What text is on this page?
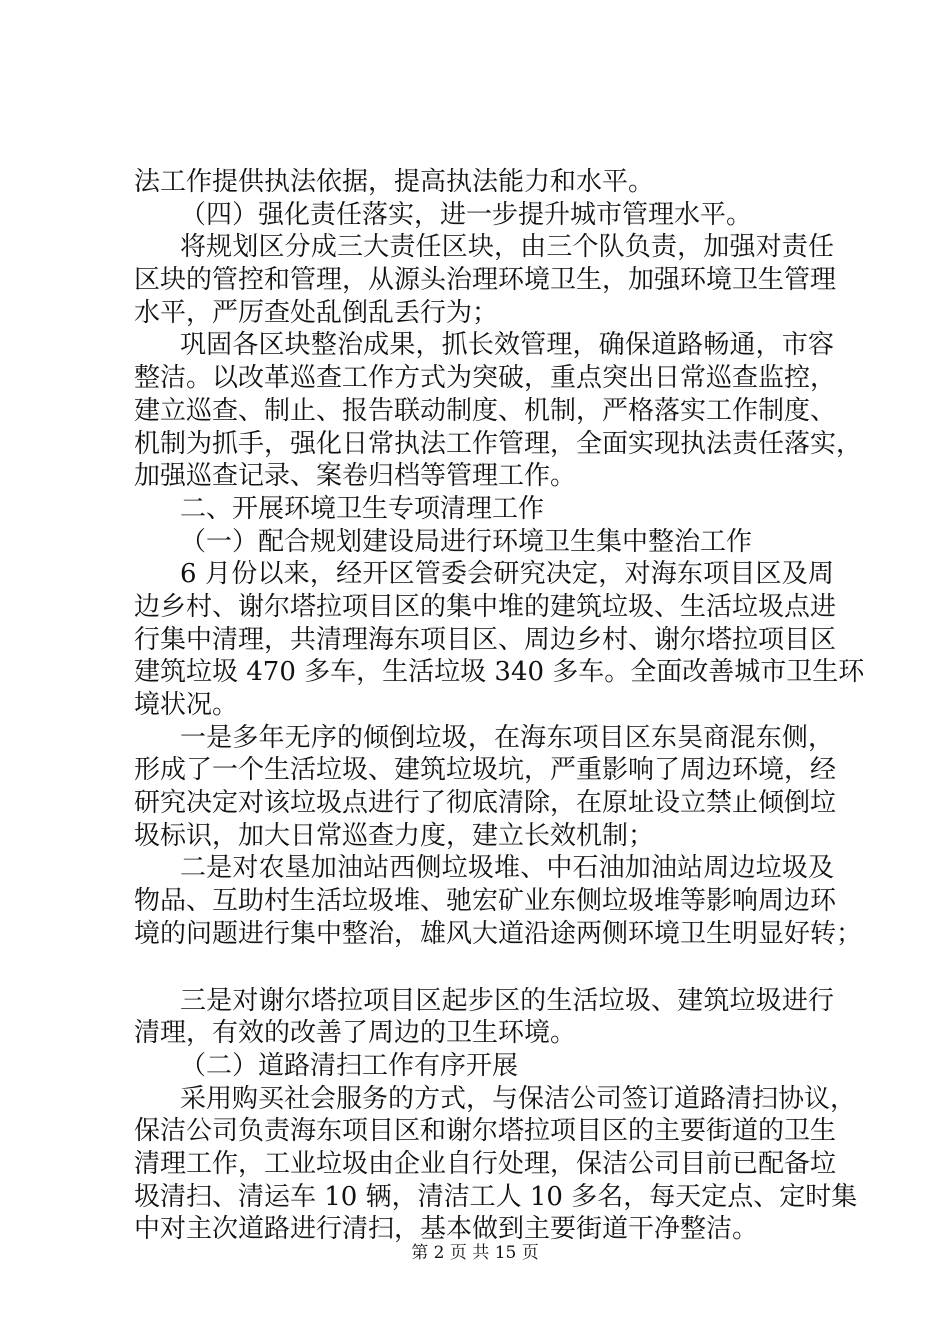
法工作提供执法依据，提高执法能力和水平。
（四）强化责任落实，进一步提升城市管理水平。
将规划区分成三大责任区块，由三个队负责，加强对责任
区块的管控和管理，从源头治理环境卫生，加强环境卫生管理
水平，严厉查处乱倒乱丢行为；
巩固各区块整治成果，抓长效管理，确保道路畅通，市容
整洁。以改革巡查工作方式为突破，重点突出日常巡查监控，
建立巡查、制止、报告联动制度、机制，严格落实工作制度、
机制为抓手，强化日常执法工作管理，全面实现执法责任落实，
加强巡查记录、案卷归档等管理工作。
二、开展环境卫生专项清理工作
（一）配合规划建设局进行环境卫生集中整治工作
6 月份以来，经开区管委会研究决定，对海东项目区及周
边乡村、谢尔塔拉项目区的集中堆的建筑垃圾、生活垃圾点进
行集中清理，共清理海东项目区、周边乡村、谢尔塔拉项目区
建筑垃圾 470 多车，生活垃圾 340 多车。全面改善城市卫生环
境状况。
一是多年无序的倾倒垃圾，在海东项目区东昊商混东侧，
形成了一个生活垃圾、建筑垃圾坑，严重影响了周边环境，经
研究决定对该垃圾点进行了彻底清除，在原址设立禁止倾倒垃
圾标识，加大日常巡查力度，建立长效机制；
二是对农垦加油站西侧垃圾堆、中石油加油站周边垃圾及
物品、互助村生活垃圾堆、驰宏矿业东侧垃圾堆等影响周边环
境的问题进行集中整治，雄风大道沿途两侧环境卫生明显好转；
三是对谢尔塔拉项目区起步区的生活垃圾、建筑垃圾进行
清理，有效的改善了周边的卫生环境。
（二）道路清扫工作有序开展
采用购买社会服务的方式，与保洁公司签订道路清扫协议，
保洁公司负责海东项目区和谢尔塔拉项目区的主要街道的卫生
清理工作，工业垃圾由企业自行处理，保洁公司目前已配备垃
圾清扫、清运车 10 辆，清洁工人 10 多名，每天定点、定时集
中对主次道路进行清扫，基本做到主要街道干净整洁。
第 2 页 共 15 页
